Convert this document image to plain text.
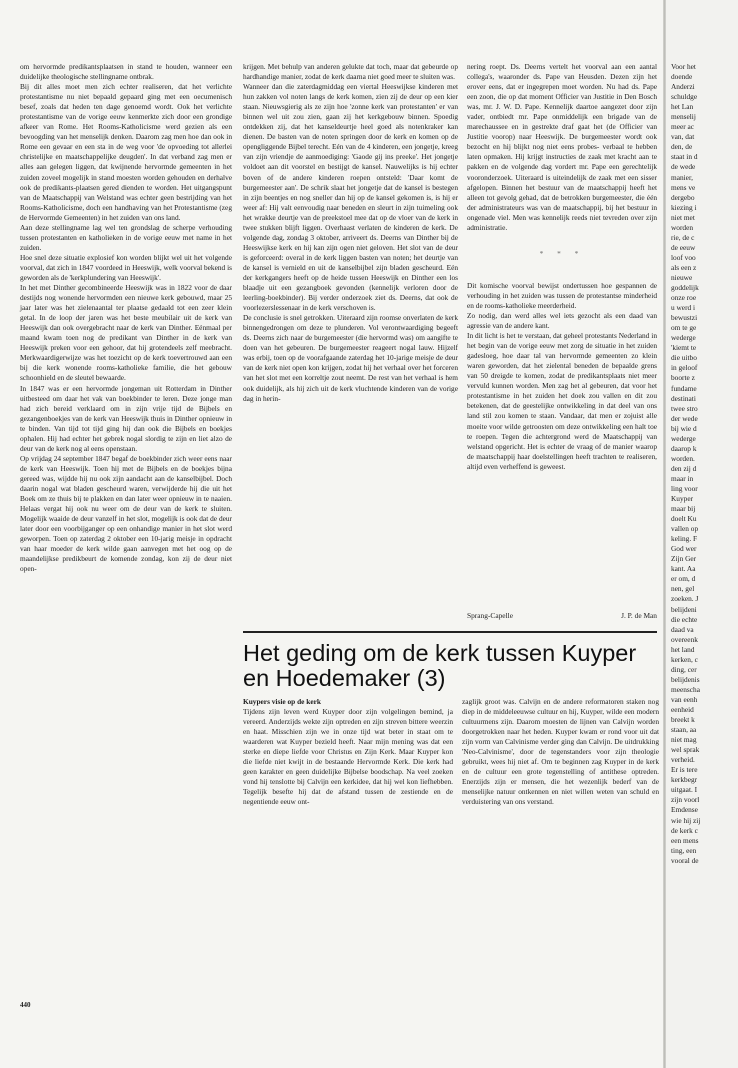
om hervormde predikantsplaatsen in stand te houden, wanneer een duidelijke theologische stellingname ontbrak.

Bij dit alles moet men zich echter realiseren, dat het verlichte protestantisme nu niet bepaald gepaard ging met een oecumenisch besef, zoals dat heden ten dage genoemd wordt. Ook het verlichte protestantisme van de vorige eeuw kenmerkte zich door een grondige afkeer van Rome. Het Rooms-Katholicisme werd gezien als een bevoogding van het menselijk denken. Daarom zag men hoe dan ook in Rome een gevaar en een sta in de weg voor 'de opvoeding tot allerlei christelijke en maatschappelijke deugden'. In dat verband zag men er alles aan gelegen liggen, dat kwijnende hervormde gemeenten in het zuiden zoveel mogelijk in stand moesten worden gehouden en derhalve ook de predikants-plaatsen gered dienden te worden. Het uitgangspunt van de Maatschappij van Welstand was echter geen bestrijding van het Rooms-Katholicisme, doch een handhaving van het Protestantisme (zeg de Hervormde Gemeenten) in het zuiden van ons land.

Aan deze stellingname lag wel ten grondslag de scherpe verhouding tussen protestanten en katholieken in de vorige eeuw met name in het zuiden.

Hoe snel deze situatie explosief kon worden blijkt wel uit het volgende voorval, dat zich in 1847 voordeed in Heeswijk, welk voorval bekend is geworden als de 'kerkplundering van Heeswijk'.

In het met Dinther gecombineerde Heeswijk was in 1822 voor de daar destijds nog wonende hervormden een nieuwe kerk gebouwd, maar 25 jaar later was het zielenaantal ter plaatse gedaald tot een zeer klein getal. In de loop der jaren was het beste meubilair uit de kerk van Heeswijk dan ook overgebracht naar de kerk van Dinther. Eénmaal per maand kwam toen nog de predikant van Dinther in de kerk van Heeswijk preken voor een gehoor, dat hij grotendeels zelf meebracht. Merkwaardigerwijze was het toezicht op de kerk toevertrouwd aan een bij die kerk wonende rooms-katholieke familie, die het gebouw schoonhield en de sleutel bewaarde.

In 1847 was er een hervormde jongeman uit Rotterdam in Dinther uitbesteed om daar het vak van boekbinder te leren. Deze jonge man had zich bereid verklaard om in zijn vrije tijd de Bijbels en gezangenboekjes van de kerk van Heeswijk thuis in Dinther opnieuw in te binden. Van tijd tot tijd ging hij dan ook die Bijbels en boekjes ophalen. Hij had echter het gebrek nogal slordig te zijn en liet alzo de deur van de kerk nog al eens openstaan.

Op vrijdag 24 september 1847 begaf de boekbinder zich weer eens naar de kerk van Heeswijk. Toen hij met de Bijbels en de boekjes bijna gereed was, wijdde hij nu ook zijn aandacht aan de kanselbijbel. Doch daarin nogal wat bladen gescheurd waren, verwijderde hij die uit het Boek om ze thuis bij te plakken en dan later weer opnieuw in te naaien. Helaas vergat hij ook nu weer om de deur van de kerk te sluiten. Mogelijk waaide de deur vanzelf in het slot, mogelijk is ook dat de deur later door een voorbijganger op een onhandige manier in het slot werd geworpen. Toen op zaterdag 2 oktober een 10-jarig meisje in opdracht van haar moeder de kerk wilde gaan aanvegen met het oog op de maandelijkse predikbeurt de komende zondag, kon zij de deur niet open-

krijgen. Met behulp van anderen gelukte dat toch, maar dat gebeurde op hardhandige manier, zodat de kerk daarna niet goed meer te sluiten was.

Wanneer dan die zaterdagmiddag een viertal Heeswijkse kinderen met hun zakken vol noten langs de kerk komen, zien zij de deur op een kier staan. Nieuwsgierig als ze zijn hoe 'zonne kerk van protestanten' er van binnen wel uit zou zien, gaan zij het kerkgebouw binnen. Spoedig ontdekken zij, dat het kanseldeurtje heel goed als notenkraker kan dienen. De basten van de noten springen door de kerk en komen op de opengliggende Bijbel terecht. Eén van de 4 kinderen, een jongetje, kreeg van zijn vriendje de aanmoediging: 'Gaode gij ins preeke'. Het jongetje voldoet aan dit voorstel en bestijgt de kansel. Nauwelijks is hij echter boven of de andere kinderen roepen ontsteld: 'Daar komt de burgemeester aan'. De schrik slaat het jongetje dat de kansel is bestegen in zijn beentjes en nog sneller dan hij op de kansel gekomen is, is hij er weer af: Hij valt eenvoudig naar beneden en sleurt in zijn tuimeling ook het wrakke deurtje van de preekstoel mee dat op de vloer van de kerk in twee stukken blijft liggen. Overhaast verlaten de kinderen de kerk. De volgende dag, zondag 3 oktober, arriveert ds. Deerns van Dinther bij de Heeswijkse kerk en hij kan zijn ogen niet geloven. Het slot van de deur is geforceerd: overal in de kerk liggen basten van noten; het deurtje van de kansel is vernield en uit de kanselbijbel zijn bladen gescheurd. Eén der kerkgangers heeft op de heide tussen Heeswijk en Dinther een los blaadje uit een gezangboek gevonden (kennelijk verloren door de leerling-boekbinder). Bij verder onderzoek ziet ds. Deerns, dat ook de voorlezerslessenaar in de kerk verschoven is.

De conclusie is snel getrokken. Uiteraard zijn roomse onverlaten de kerk binnengedrongen om deze te plunderen. Vol verontwaardiging begeeft ds. Deerns zich naar de burgemeester (die hervormd was) om aangifte te doen van het gebeuren. De burgemeester reageert nogal lauw. Hijzelf was erbij, toen op de voorafgaande zaterdag het 10-jarige meisje de deur van de kerk niet open kon krijgen, zodat hij het verhaal over het forceren van het slot met een korreltje zout neemt. De rest van het verhaal is hem ook duidelijk, als hij zich uit de kerk vluchtende kinderen van de vorige dag in herin-

nering roept. Ds. Deerns vertelt het voorval aan een aantal collega's, waaronder ds. Pape van Heusden. Dezen zijn het erover eens, dat er ingegrepen moet worden. Nu had ds. Pape een zoon, die op dat moment Officier van Justitie in Den Bosch was, mr. J. W. D. Pape. Kennelijk daartoe aangezet door zijn vader, ontbiedt mr. Pape onmiddelijk een brigade van de marechaussee en in gestrekte draf gaat het (de Officier van Justitie voorop) naar Heeswijk. De burgemeester wordt ook bezocht en hij blijkt nog niet eens probes- verbaal te hebben laten opmaken. Hij krijgt instructies de zaak met kracht aan te pakken en de volgende dag vordert mr. Pape een gerechtelijk vooronderzoek. Uiteraard is uiteindelijk de zaak met een sisser afgelopen. Binnen het bestuur van de maatschappij heeft het alleen tot gevolg gehad, dat de betrokken burgemeester, die één der administrateurs was van de maatschappij, bij het bestuur in ongenade viel. Men was kennelijk reeds niet tevreden over zijn administratie.

* * *

Dit komische voorval bewijst ondertussen hoe gespannen de verhouding in het zuiden was tussen de protestantse minderheid en de rooms-katholieke meerderheid.

Zo nodig, dan werd alles wel iets gezocht als een daad van agressie van de andere kant.

In dit licht is het te verstaan, dat geheel protestants Nederland in het begin van de vorige eeuw met zorg de situatie in het zuiden gadesloeg, hoe daar tal van hervormde gemeenten zo klein waren geworden, dat het zielental beneden de bepaalde grens van 50 dreigde te komen, zodat de predikantsplaats niet meer vervuld kunnen worden. Men zag het al gebeuren, dat voor het protestantisme in het zuiden het doek zou vallen en dit zou betekenen, dat de geestelijke ontwikkeling in dat deel van ons land stil zou komen te staan. Vandaar, dat men er zojuist alle moeite voor wilde getroosten om deze ontwikkeling een halt toe te roepen. Tegen die achtergrond werd de Maatschappij van welstand opgericht. Het is echter de vraag of de manier waarop de maatschappij haar doelstellingen heeft trachten te realiseren, altijd even verheffend is geweest.

Sprang-Capelle	J. P. de Man
Het geding om de kerk tussen Kuyper en Hoedemaker (3)

Kuypers visie op de kerk

Tijdens zijn leven werd Kuyper door zijn volgelingen bemind, ja vereerd. Anderzijds wekte zijn optreden en zijn streven bittere weerzin en haat. Misschien zijn we in onze tijd wat beter in staat om te waarderen wat Kuyper bezield heeft. Naar mijn mening was dat een sterke en diepe liefde voor Christus en Zijn Kerk. Maar Kuyper kon die liefde niet kwijt in de bestaande Hervormde Kerk. Die kerk had geen karakter en geen duidelijke Bijbelse boodschap. Na veel zoeken vond hij tenslotte bij Calvijn een kerkidee, dat hij wel kon liefhebben. Tegelijk besefte hij dat de afstand tussen de zestiende en de negentiende eeuw ont-

zaglijk groot was. Calvijn en de andere reformatoren staken nog diep in de middeleeuwse cultuur en hij, Kuyper, wilde een modern cultuurmens zijn. Daarom moesten de lijnen van Calvijn worden doorgetrokken naar het heden. Kuyper kwam er rond voor uit dat zijn vorm van Calvinisme verder ging dan Calvijn. De uitdrukking 'Neo-Calvinisme', door de tegenstanders voor zijn theologie gebruikt, wees hij niet af. Om te beginnen zag Kuyper in de kerk en de cultuur een grote tegenstelling of antithese optreden. Enerzijds zijn er mensen, die het wezenlijk bederf van de menselijke natuur ontkennen en niet willen weten van schuld en verduistering van ons verstand.

Voor het

doende

Anderzi

schuldge

het Lan

menselij

meer ac

van, dat

den, de

staat in d

de wede

manier,

mens ve

dergebo

kiezing i

niet met

worden

rie, de c

de eeuw

loof voo

als een z

nieuwe

goddelijk

onze roe

u werd i

bewustzi

om te ge

wederge

'kiemt te

die uitbo

in geloof

boorte z

fundame

destinati

twee stro

der wede

bij wie d

wederge

daarop k

worden.

den zij d

maar in

ling voor

Kuyper

maar bij

doelt Ku

vallen op

keling. F

God wer

Zijn Ger

kant. Aa

er om, d

nen, gel

zoeken. J

belijdeni

die echte

daad va

overeenk

het land

kerken, c

ding, cer

belijdenis

meenscha

van eenh

eenheid

breekt k

staan, aa

niet mag

wel sprak

verheid.

Er is tere

kerkbegr

uitgaat. I

zijn voorl

Emdense

wie hij zij

de kerk c

een mens

ting, een

vooral de

440
